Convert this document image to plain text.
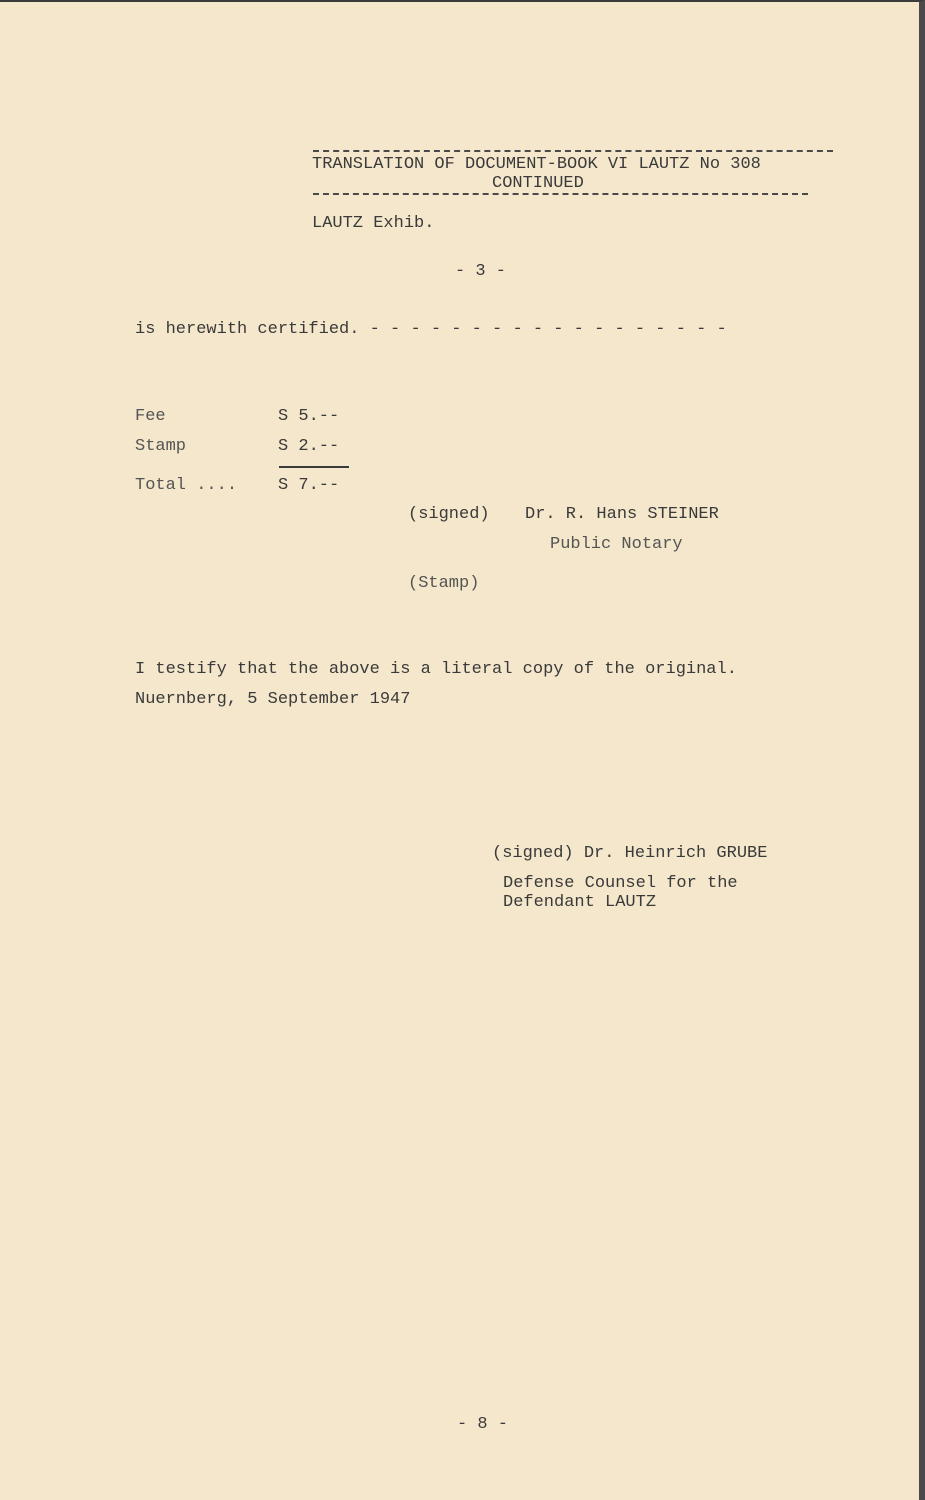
TRANSLATION OF DOCUMENT-BOOK VI LAUTZ No 308
CONTINUED
LAUTZ Exhib.
- 3 -
is herewith certified. - - - - - - - - - - - - - - - - - -
Fee	S 5.--
Stamp	S 2.--
Total .... S 7.--
(signed) Dr. R. Hans STEINER
Public Notary
(Stamp)
I testify that the above is a literal copy of the original.
Nuernberg, 5 September 1947
(signed) Dr. Heinrich GRUBE
Defense Counsel for the
Defendant LAUTZ
- 8 -
